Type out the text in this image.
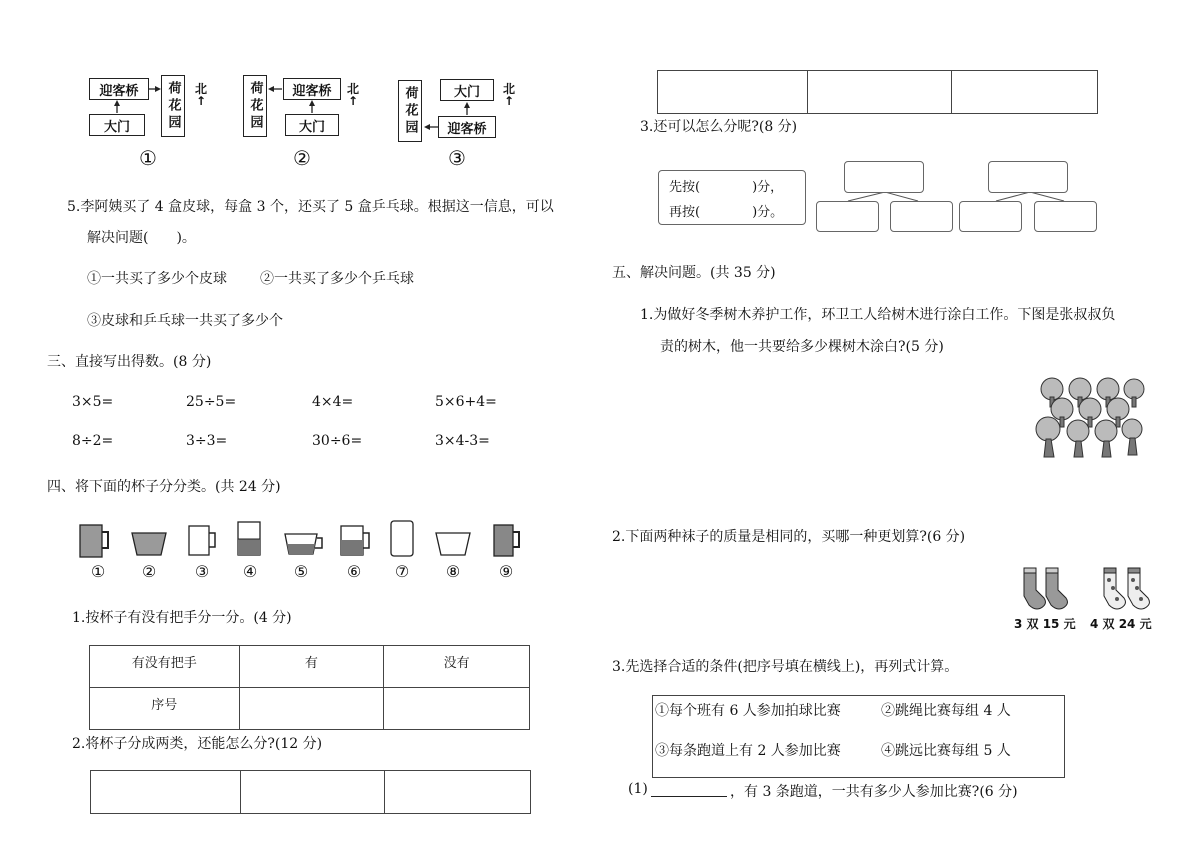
迎客桥
大门	荷花园	北
↑
①
荷花园	迎客桥
大门
北
↑
②
荷花园	大门
迎客桥
北
↑
③
5.李阿姨买了 4 盒皮球，每盒 3 个，还买了 5 盒乒乓球。根据这一信息，可以
解决问题(　　)。
①一共买了多少个皮球 ②一共买了多少个乒乓球
③皮球和乒乓球一共买了多少个
三、直接写出得数。(8 分)
3×5=	25÷5=	4×4=	5×6+4=
8÷2=	3÷3=	30÷6=	3×4-3=
四、将下面的杯子分分类。(共 24 分)
①	②	③	④	⑤	⑥	⑦	⑧	⑨
1.按杯子有没有把手分一分。(4 分)
有没有把手	有	没有
序号		
2.将杯子分成两类，还能怎么分?(12 分)

3.还可以怎么分呢?(8 分)
先按(　　　　)分，
再按(　　　　)分。
五、解决问题。(共 35 分)
1.为做好冬季树木养护工作，环卫工人给树木进行涂白工作。下图是张叔叔负
责的树木，他一共要给多少棵树木涂白?(5 分)
2.下面两种袜子的质量是相同的，买哪一种更划算?(6 分)
3 双 15 元 4 双 24 元
3.先选择合适的条件(把序号填在横线上)，再列式计算。
①每个班有 6 人参加拍球比赛	②跳绳比赛每组 4 人
③每条跑道上有 2 人参加比赛	④跳远比赛每组 5 人
(1)	，有 3 条跑道，一共有多少人参加比赛?(6 分)
